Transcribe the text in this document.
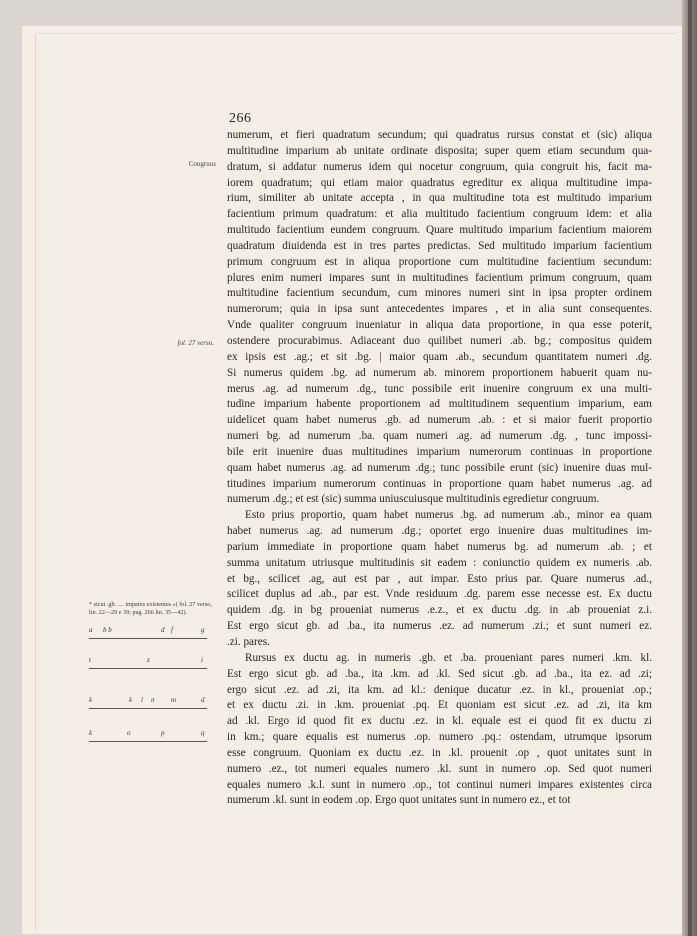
266
Congruus
fol. 27 verso.
numerum, et fieri quadratum secundum; qui quadratus rursus constat et (sic) aliqua
multitudine imparium ab unitate ordinate disposita; super quem etiam secundum qua-
dratum, si addatur numerus idem qui nocetur congruum, quia congruit his, facit ma-
iorem quadratum; qui etiam maior quadratus egreditur ex aliqua multitudine impa-
rium, similiter ab unitate accepta , in qua multitudine tota est multitudo imparium
facientium primum quadratum: et alia multitudo facientium congruum idem: et alia
multitudo facientium eundem congruum. Quare multitudo imparium facientium maiorem
quadratum diuidenda est in tres partes predictas. Sed multitudo imparium facientium
primum congruum est in aliqua proportione cum multitudine facientium secundum:
plures enim numeri impares sunt in multitudines facientium primum congruum, quam
multitudine facientium secundum, cum minores numeri sint in ipsa propter ordinem
numerorum; quia in ipsa sunt antecedentes impares , et in alia sunt consequentes.
Vnde qualiter congruum inueniatur in aliqua data proportione, in qua esse poterit,
ostendere procurabimus. Adiaceant duo quilibet numeri .ab. bg.; compositus quidem
ex ipsis est .ag.; et sit .bg. | maior quam .ab., secundum quantitatem numeri .dg.
Si numerus quidem .bg. ad numerum ab. minorem proportionem habuerit quam nu-
merus .ag. ad numerum .dg., tunc possibile erit inuenire congruum ex una multi-
tudine imparium habente proportionem ad multitudinem sequentium imparium, eam
uidelicet quam habet numerus .gb. ad numerum .ab. : et si maior fuerit proportio
numeri bg. ad numerum .ba. quam numeri .ag. ad numerum .dg. , tunc impossi-
bile erit inuenire duas multitudines imparium numerorum continuas in proportione
quam habet numerus .ag. ad numerum .dg.; tunc possibile erunt (sic) inuenire duas mul-
titudines imparium numerorum continuas in proportione quam habet numerus .ag. ad
numerum .dg.; et est (sic) summa uniuscuiusque multitudinis egredietur congruum.
Esto prius proportio, quam habet numerus .bg. ad numerum .ab., minor ea quam
habet numerus .ag. ad numerum .dg.; oportet ergo inuenire duas multitudines im-
parium immediate in proportione quam habet numerus bg. ad numerum .ab. ; et
summa unitatum utriusque multitudinis sit eadem : coniunctio quidem ex numeris .ab.
et bg., scilicet .ag, aut est par , aut impar. Esto prius par. Quare numerus .ad.,
scilicet duplus ad .ab., par est. Vnde residuum .dg. parem esse necesse est. Ex ductu
quidem .dg. in bg proueniat numerus .e.z., et ex ductu .dg. in .ab proueniat z.i.
Est ergo sicut gb. ad .ba., ita numerus .ez. ad numerum .zi.; et sunt numeri ez.
.zi. pares.
Rursus ex ductu ag. in numeris .gb. et .ba. proueniant pares numeri .km. kl.
Est ergo sicut gb. ad .ba., ita .km. ad .kl. Sed sicut .gb. ad .ba., ita ez. ad .zi;
ergo sicut .ez. ad .zi, ita km. ad kl.: denique ducatur .ez. in kl., proueniat .op.;
et ex ductu .zi. in .km. proueniat .pq. Et quoniam est sicut .ez. ad .zi, ita km
ad .kl. Ergo id quod fit ex ductu .ez. in kl. equale est ei quod fit ex ductu zi
in km.; quare equalis est numerus .op. numero .pq.: ostendam, utrumque ipsorum
esse congruum. Quoniam ex ductu .ez. in .kl. prouenit .op , quot unitates sunt in
numero .ez., tot numeri equales numero .kl. sunt in numero .op. Sed quot numeri
equales numero .k.l. sunt in numero .op., tot continui numeri impares existentes circa
numerum .kl. sunt in eodem .op. Ergo quot unitates sunt in numero ez., et tot
* sicut .gb. .... impares existentes »( fol. 27 verso, lin. 22—29 e 39; pag. 266 lin. 35—42).
a b b	d f	g
t	z	i
k	k l n m	d
k	o	p	q
